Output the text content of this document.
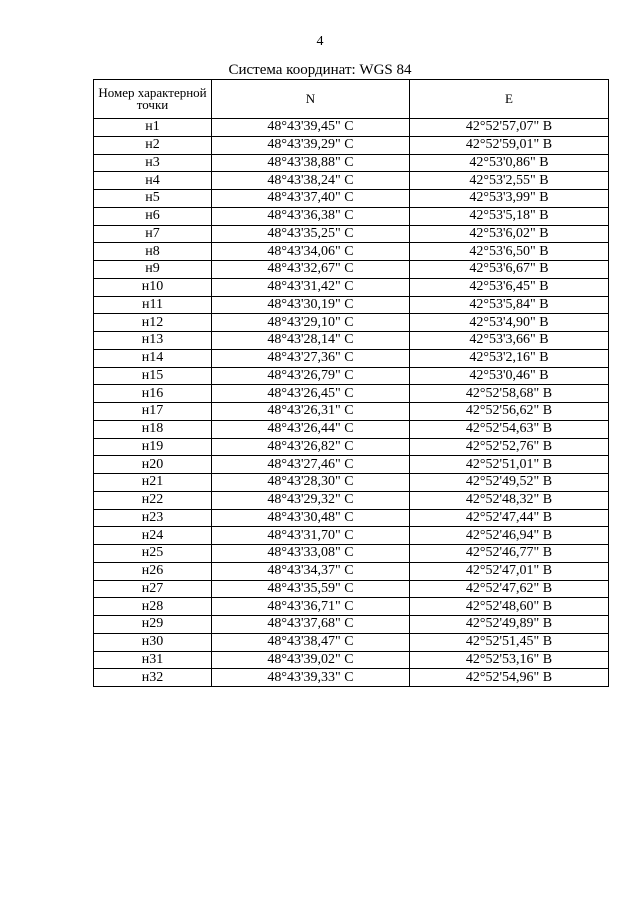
4
Система координат: WGS 84
Номер характерной точки	N	E
н1	48°43'39,45" С	42°52'57,07" В
н2	48°43'39,29" С	42°52'59,01" В
н3	48°43'38,88" С	42°53'0,86" В
н4	48°43'38,24" С	42°53'2,55" В
н5	48°43'37,40" С	42°53'3,99" В
н6	48°43'36,38" С	42°53'5,18" В
н7	48°43'35,25" С	42°53'6,02" В
н8	48°43'34,06" С	42°53'6,50" В
н9	48°43'32,67" С	42°53'6,67" В
н10	48°43'31,42" С	42°53'6,45" В
н11	48°43'30,19" С	42°53'5,84" В
н12	48°43'29,10" С	42°53'4,90" В
н13	48°43'28,14" С	42°53'3,66" В
н14	48°43'27,36" С	42°53'2,16" В
н15	48°43'26,79" С	42°53'0,46" В
н16	48°43'26,45" С	42°52'58,68" В
н17	48°43'26,31" С	42°52'56,62" В
н18	48°43'26,44" С	42°52'54,63" В
н19	48°43'26,82" С	42°52'52,76" В
н20	48°43'27,46" С	42°52'51,01" В
н21	48°43'28,30" С	42°52'49,52" В
н22	48°43'29,32" С	42°52'48,32" В
н23	48°43'30,48" С	42°52'47,44" В
н24	48°43'31,70" С	42°52'46,94" В
н25	48°43'33,08" С	42°52'46,77" В
н26	48°43'34,37" С	42°52'47,01" В
н27	48°43'35,59" С	42°52'47,62" В
н28	48°43'36,71" С	42°52'48,60" В
н29	48°43'37,68" С	42°52'49,89" В
н30	48°43'38,47" С	42°52'51,45" В
н31	48°43'39,02" С	42°52'53,16" В
н32	48°43'39,33" С	42°52'54,96" В
